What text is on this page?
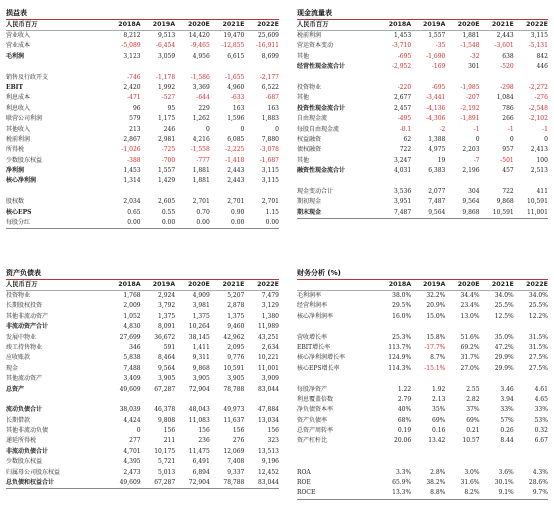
损益表
人民币百万	2018A	2019A	2020E	2021E	2022E
营业收入	8,212	9,513	14,420	19,470	25,609
营业成本	-5,089	-6,454	-9,465	-12,855	-16,911
毛利润	3,123	3,059	4,956	6,615	8,699
销售及行政开支	-746	-1,178	-1,586	-1,655	-2,177
EBIT	2,420	1,992	3,369	4,960	6,522
利息成本	-471	-527	-644	-633	-687
利息收入	96	95	229	163	163
联营公司利润	579	1,175	1,262	1,596	1,883
其他收入	213	246	0	0	0
税前利润	2,867	2,981	4,216	6,085	7,880
所得税	-1,026	-725	-1,558	-2,225	-3,078
少数股东权益	-388	-700	-777	-1,418	-1,687
净利润	1,453	1,557	1,881	2,443	3,115
核心净利润	1,314	1,429	1,881	2,443	3,115
股权数	2,034	2,605	2,701	2,701	2,701
核心EPS	0.65	0.55	0.70	0.90	1.15
每股分红	0.00	0.00	0.00	0.00	0.00
现金流量表
人民币百万	2018A	2019A	2020E	2021E	2022E
税前利润	1,453	1,557	1,881	2,443	3,115
营运资本变动	-3,710	-35	-1,548	-3,601	-5,131
其他	-695	-1,690	-32	638	842
经营性现金流合计	-2,952	-169	301	-520	446
投资物业	-220	-695	-1,985	-298	-2,272
其他	2,677	-3,441	-207	1,084	-276
投资性现金流合计	2,457	-4,136	-2,192	786	-2,548
自由现金流	-495	-4,306	-1,891	266	-2,102
每股自由现金流	-0.1	-2	-1	-1	-1
权益融资	62	1,388	0	0	0
债权融资	722	4,975	2,203	957	2,413
其他	3,247	19	-7	-501	100
融资性现金流合计	4,031	6,383	2,196	457	2,513
现金变动合计	3,536	2,077	304	722	411
期初现金	3,951	7,487	9,564	9,868	10,591
期末现金	7,487	9,564	9,868	10,591	11,001
资产负债表
人民币百万	2018A	2019A	2020E	2021E	2022E
投资物业	1,768	2,924	4,909	5,207	7,479
长期股权投资	2,009	3,792	3,981	2,878	3,129
其他非流动资产	1,052	1,375	1,375	1,375	1,380
非流动资产合计	4,830	8,091	10,264	9,460	11,989
发展中物业	27,699	36,672	38,145	42,962	43,251
竣工持售物业	346	591	1,411	2,095	2,634
应收账款	5,838	8,464	9,311	9,776	10,221
现金	7,488	9,564	9,868	10,591	11,001
其他流动资产	3,409	3,905	3,905	3,905	3,909
总资产	49,609	67,287	72,904	78,788	83,044
流动负债合计	38,039	46,378	48,043	49,973	47,884
长期借款	4,424	9,808	11,083	11,637	13,034
其他非流动负债	0	156	156	156	156
递延所得税	277	211	236	276	323
非流动负债合计	4,701	10,175	11,475	12,069	13,513
少数股东权益	4,395	5,721	6,491	7,408	9,196
归属母公司股东权益	2,473	5,013	6,894	9,337	12,452
总负债和权益合计	49,609	67,287	72,904	78,788	83,044
财务分析 (%)
2018A	2019A	2020E	2021E	2022E
毛利润率	38.0%	32.2%	34.4%	34.0%	34.0%
经营利润率	29.5%	20.9%	23.4%	25.5%	25.5%
核心净利润率	16.0%	15.0%	13.0%	12.5%	12.2%
营收增长率	25.3%	15.8%	51.6%	35.0%	31.5%
EBIT增长率	113.7%	-17.7%	69.2%	47.2%	31.5%
核心净利润增长率	124.9%	8.7%	31.7%	29.9%	27.5%
核心EPS增长率	114.3%	-15.1%	27.0%	29.9%	27.5%
每股净资产	1.22	1.92	2.55	3.46	4.61
利息覆盖倍数	2.79	2.13	2.82	3.94	4.65
净负债资本率	40%	35%	37%	33%	33%
资产负债率	68%	69%	69%	57%	53%
总资产周转率	0.19	0.16	0.21	0.26	0.32
资产杠杆比	20.06	13.42	10.57	8.44	6.67
ROA	3.3%	2.8%	3.0%	3.6%	4.3%
ROE	65.9%	38.2%	31.6%	30.1%	28.6%
ROCE	13.3%	8.8%	8.2%	9.1%	9.7%
